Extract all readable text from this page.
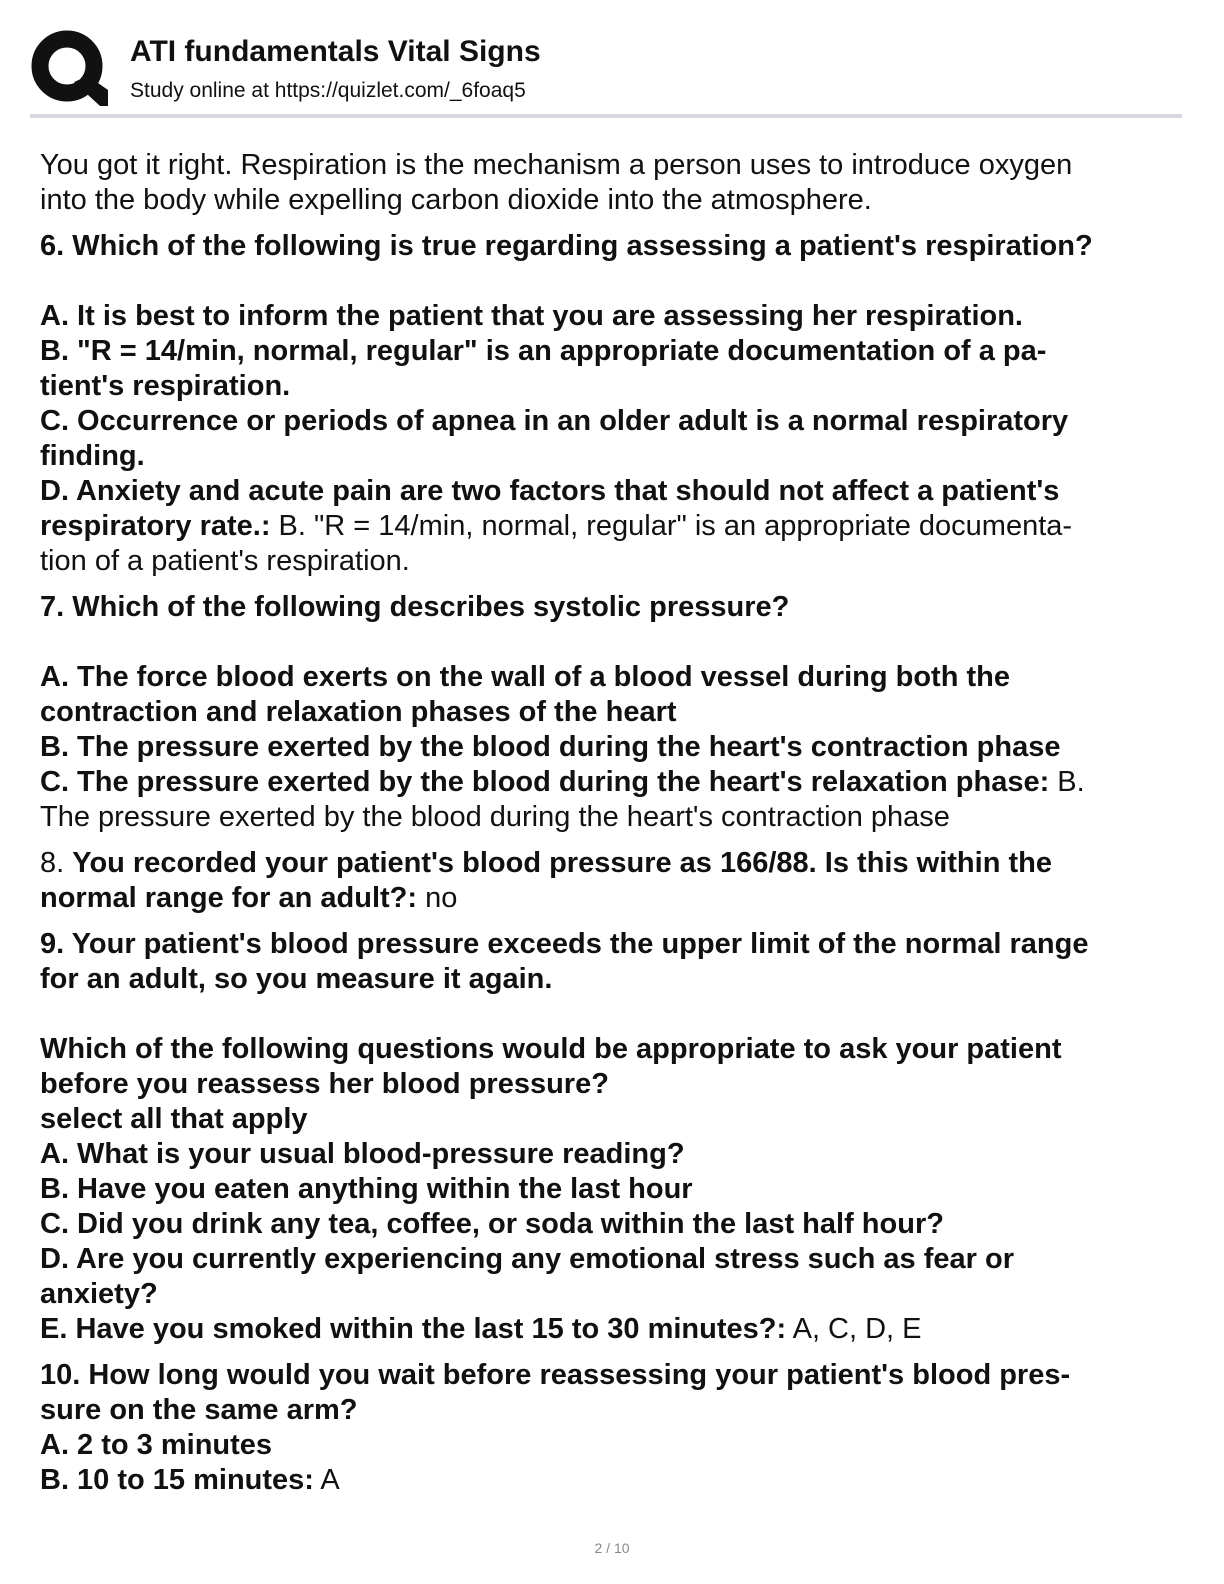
ATI fundamentals Vital Signs
Study online at https://quizlet.com/_6foaq5
You got it right. Respiration is the mechanism a person uses to introduce oxygen
into the body while expelling carbon dioxide into the atmosphere.
6. Which of the following is true regarding assessing a patient's respiration?
A. It is best to inform the patient that you are assessing her respiration.
B. "R = 14/min, normal, regular" is an appropriate documentation of a pa-
tient's respiration.
C. Occurrence or periods of apnea in an older adult is a normal respiratory
finding.
D. Anxiety and acute pain are two factors that should not affect a patient's
respiratory rate.: B. "R = 14/min, normal, regular" is an appropriate documenta-
tion of a patient's respiration.
7. Which of the following describes systolic pressure?
A. The force blood exerts on the wall of a blood vessel during both the
contraction and relaxation phases of the heart
B. The pressure exerted by the blood during the heart's contraction phase
C. The pressure exerted by the blood during the heart's relaxation phase: B.
The pressure exerted by the blood during the heart's contraction phase
8. You recorded your patient's blood pressure as 166/88. Is this within the
normal range for an adult?: no
9. Your patient's blood pressure exceeds the upper limit of the normal range
for an adult, so you measure it again.
Which of the following questions would be appropriate to ask your patient
before you reassess her blood pressure?
select all that apply
A. What is your usual blood-pressure reading?
B. Have you eaten anything within the last hour
C. Did you drink any tea, coffee, or soda within the last half hour?
D. Are you currently experiencing any emotional stress such as fear or
anxiety?
E. Have you smoked within the last 15 to 30 minutes?: A, C, D, E
10. How long would you wait before reassessing your patient's blood pres-
sure on the same arm?
A. 2 to 3 minutes
B. 10 to 15 minutes: A
2 / 10
